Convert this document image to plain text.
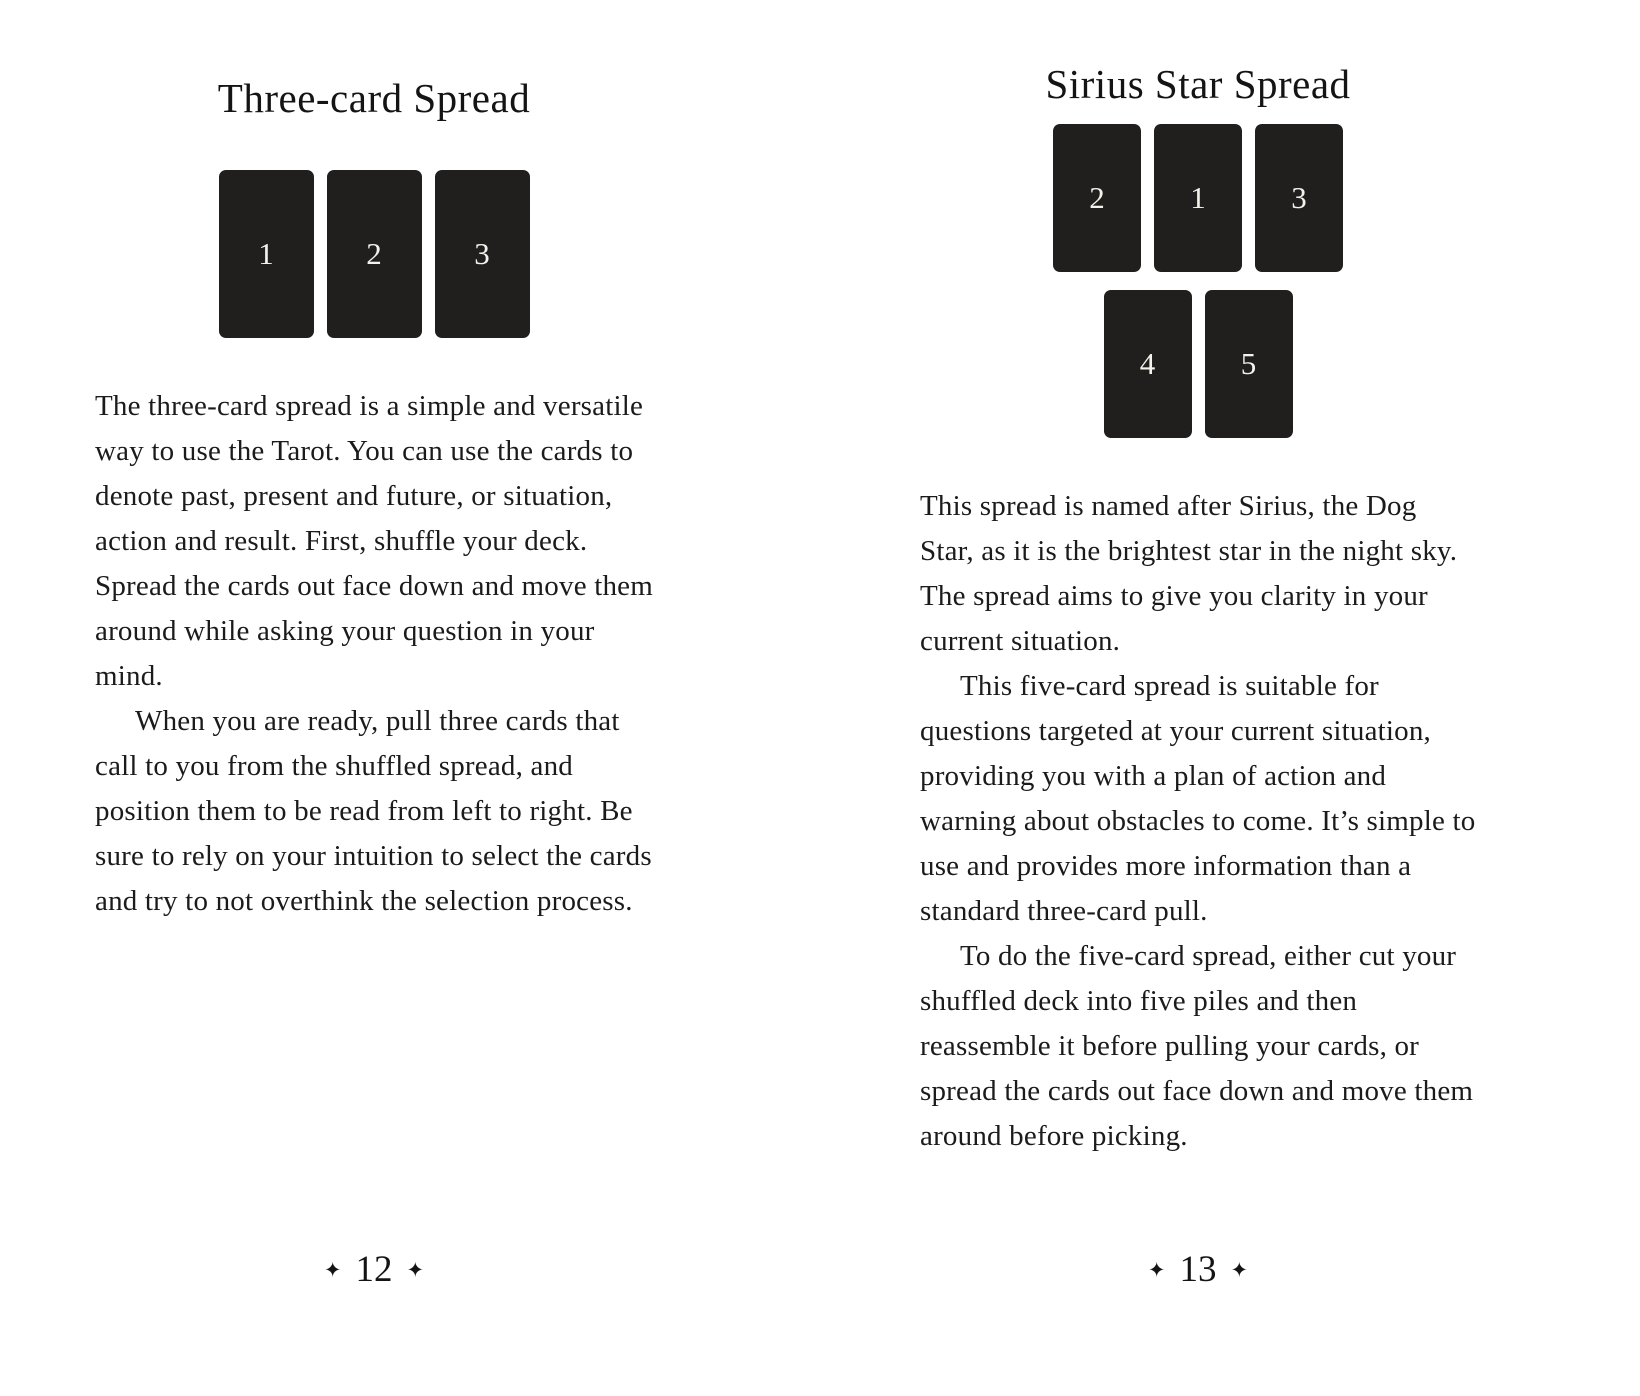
Three-card Spread
1	2	3

The three-card spread is a simple and versatile way to use the Tarot. You can use the cards to denote past, present and future, or situation, action and result. First, shuffle your deck. Spread the cards out face down and move them around while asking your question in your mind.

When you are ready, pull three cards that call to you from the shuffled spread, and position them to be read from left to right. Be sure to rely on your intuition to select the cards and try to not overthink the selection process.

Sirius Star Spread
2	1	3
4	5

This spread is named after Sirius, the Dog Star, as it is the brightest star in the night sky. The spread aims to give you clarity in your current situation.

This five-card spread is suitable for questions targeted at your current situation, providing you with a plan of action and warning about obstacles to come. It’s simple to use and provides more information than a standard three-card pull.

To do the five-card spread, either cut your shuffled deck into five piles and then reassemble it before pulling your cards, or spread the cards out face down and move them around before picking.

✦ 12 ✦	✦ 13 ✦
